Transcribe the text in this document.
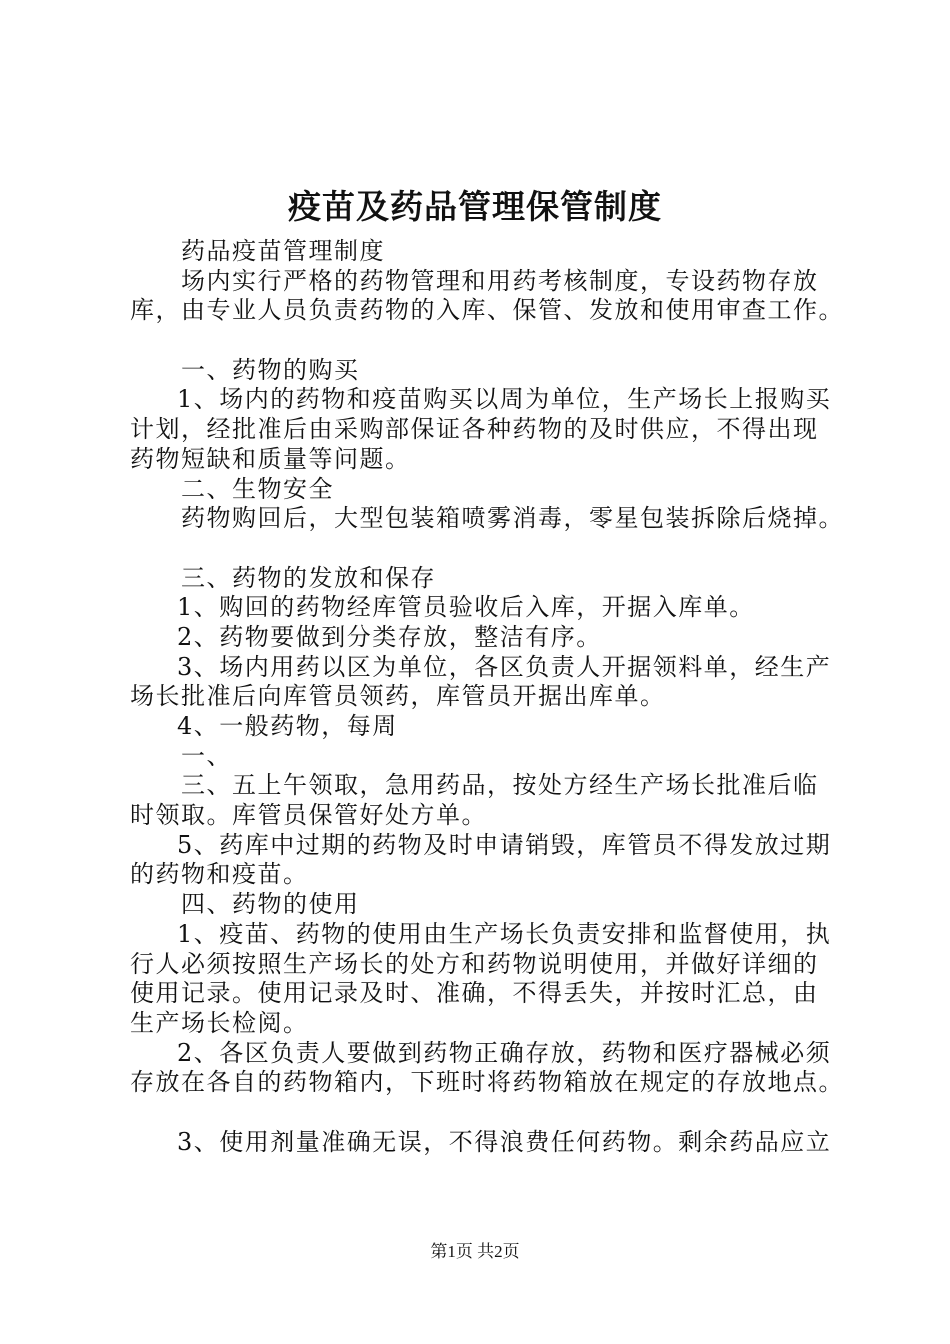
疫苗及药品管理保管制度
药品疫苗管理制度
场内实行严格的药物管理和用药考核制度，专设药物存放
库，由专业人员负责药物的入库、保管、发放和使用审查工作。
一、药物的购买
1、场内的药物和疫苗购买以周为单位，生产场长上报购买
计划，经批准后由采购部保证各种药物的及时供应，不得出现
药物短缺和质量等问题。
二、生物安全
药物购回后，大型包装箱喷雾消毒，零星包装拆除后烧掉。
三、药物的发放和保存
1、购回的药物经库管员验收后入库，开据入库单。
2、药物要做到分类存放，整洁有序。
3、场内用药以区为单位，各区负责人开据领料单，经生产
场长批准后向库管员领药，库管员开据出库单。
4、一般药物，每周
一、
三、五上午领取，急用药品，按处方经生产场长批准后临
时领取。库管员保管好处方单。
5、药库中过期的药物及时申请销毁，库管员不得发放过期
的药物和疫苗。
四、药物的使用
1、疫苗、药物的使用由生产场长负责安排和监督使用，执
行人必须按照生产场长的处方和药物说明使用，并做好详细的
使用记录。使用记录及时、准确，不得丢失，并按时汇总，由
生产场长检阅。
2、各区负责人要做到药物正确存放，药物和医疗器械必须
存放在各自的药物箱内，下班时将药物箱放在规定的存放地点。
3、使用剂量准确无误，不得浪费任何药物。剩余药品应立
第1页 共2页
